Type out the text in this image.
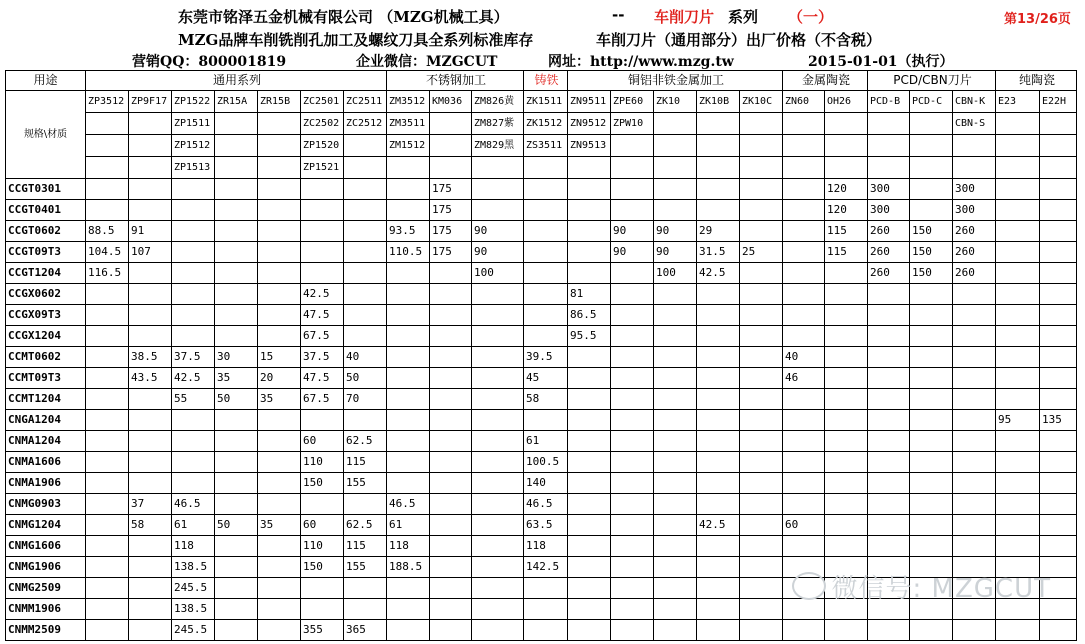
东莞市铭泽五金机械有限公司 （MZG机械工具）	-- 车削刀片 系列 （一）	第13/26页
MZG品牌车削铣削孔加工及螺纹刀具全系列标准库存	车削刀片（通用部分）出厂价格（不含税）
营销QQ：800001819	企业微信：MZGCUT	网址：http://www.mzg.tw	2015-01-01（执行）
用途	通用系列							不锈钢加工			铸铁	铜铝非铁金属加工					金属陶瓷		PCD/CBN刀片			纯陶瓷	
规格\材质	ZP3512	ZP9F17	ZP1522	ZR15A	ZR15B	ZC2501	ZC2511	ZM3512	KM036	ZM826黄	ZK1511	ZN9511	ZPE60	ZK10	ZK10B	ZK10C	ZN60	OH26	PCD-B	PCD-C	CBN-K	E23	E22H
			ZP1511			ZC2502	ZC2512	ZM3511		ZM827紫	ZK1512	ZN9512	ZPW10								CBN-S		
			ZP1512			ZP1520		ZM1512		ZM829黑	ZS3511	ZN9513											
			ZP1513			ZP1521																	
CCGT0301									175									120	300		300		
CCGT0401									175									120	300		300		
CCGT0602	88.5	91						93.5	175	90			90	90	29			115	260	150	260		
CCGT09T3	104.5	107						110.5	175	90			90	90	31.5	25		115	260	150	260		
CCGT1204	116.5									100				100	42.5				260	150	260		
CCGX0602						42.5						81											
CCGX09T3						47.5						86.5											
CCGX1204						67.5						95.5											
CCMT0602		38.5	37.5	30	15	37.5	40				39.5						40						
CCMT09T3		43.5	42.5	35	20	47.5	50				45						46						
CCMT1204			55	50	35	67.5	70				58												
CNGA1204																						95	135
CNMA1204						60	62.5				61												
CNMA1606						110	115				100.5												
CNMA1906						150	155				140												
CNMG0903		37	46.5					46.5			46.5												
CNMG1204		58	61	50	35	60	62.5	61			63.5				42.5		60						
CNMG1606			118			110	115	118			118												
CNMG1906			138.5			150	155	188.5			142.5												
CNMG2509			245.5																				
CNMM1906			138.5																				
CNMM2509			245.5			355	365																
微信号: MZGCUT
